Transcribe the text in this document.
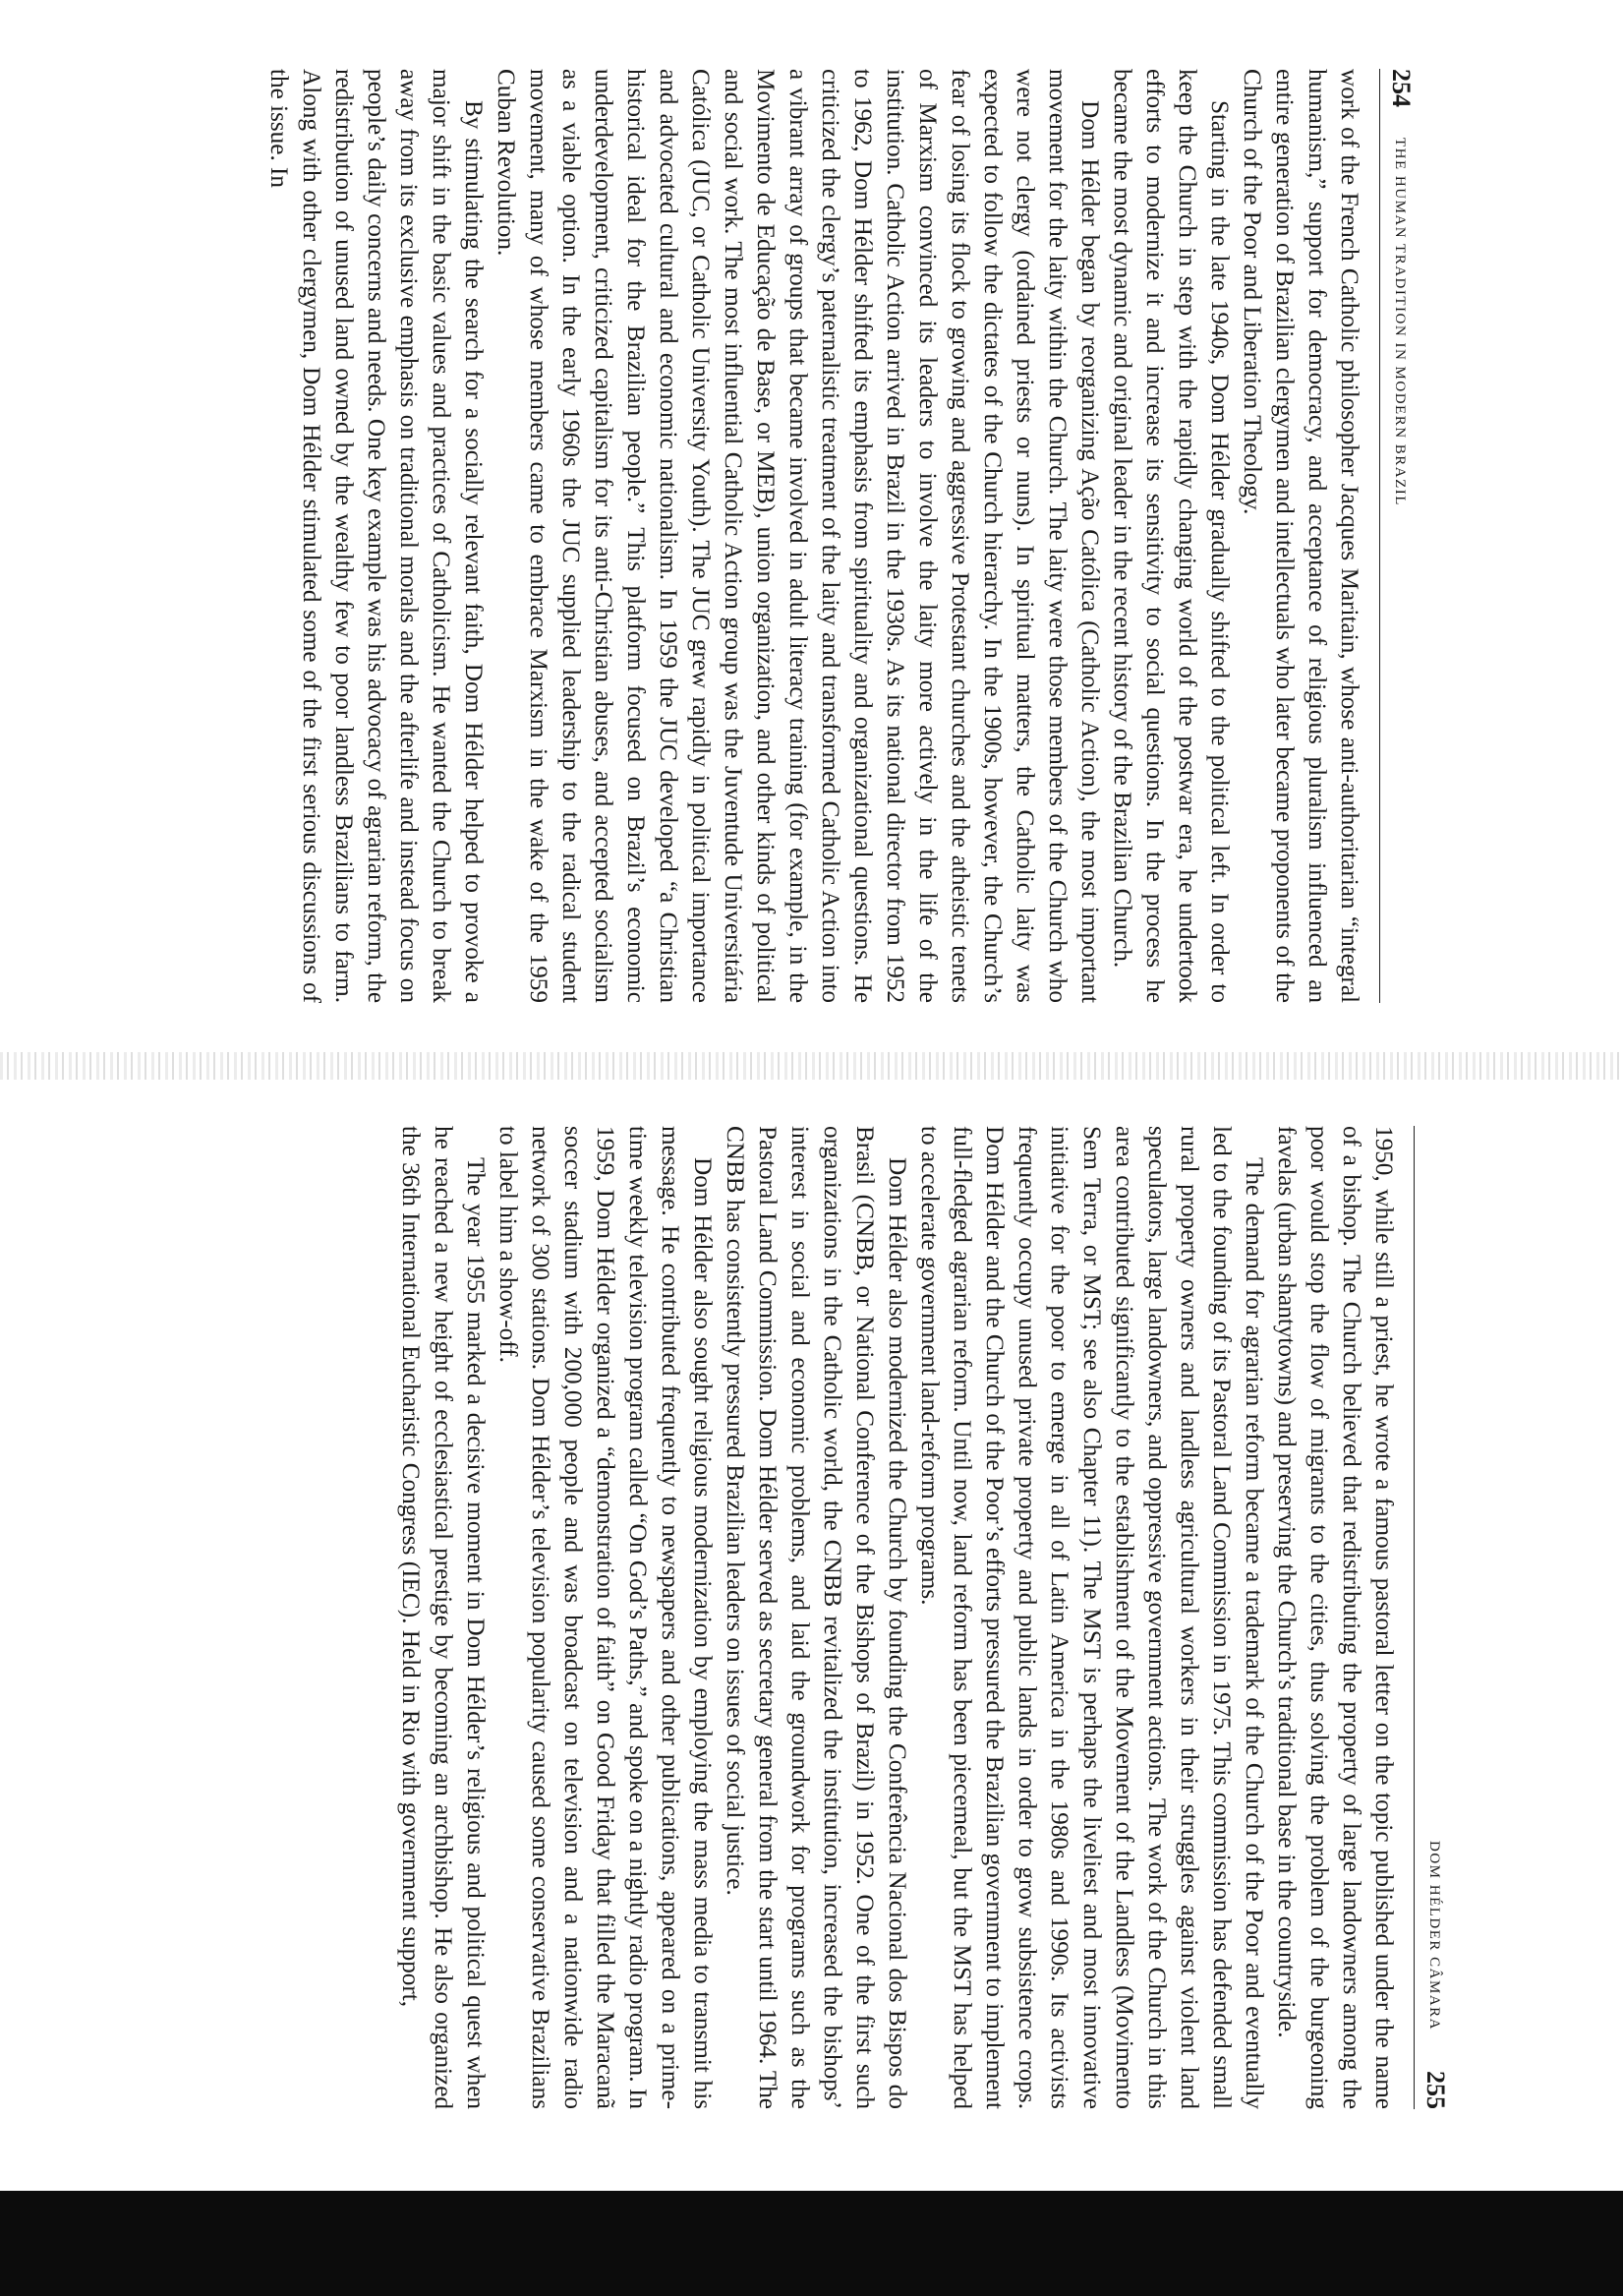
254
THE HUMAN TRADITION IN MODERN BRAZIL

work of the French Catholic philosopher Jacques Maritain, whose anti-authoritarian “integral humanism,” support for democracy, and acceptance of religious pluralism influenced an entire generation of Brazilian clergymen and intellectuals who later became proponents of the Church of the Poor and Liberation Theology.

Starting in the late 1940s, Dom Hélder gradually shifted to the political left. In order to keep the Church in step with the rapidly changing world of the postwar era, he undertook efforts to modernize it and increase its sensitivity to social questions. In the process he became the most dynamic and original leader in the recent history of the Brazilian Church.

Dom Hélder began by reorganizing Ação Católica (Catholic Action), the most important movement for the laity within the Church. The laity were those members of the Church who were not clergy (ordained priests or nuns). In spiritual matters, the Catholic laity was expected to follow the dictates of the Church hierarchy. In the 1900s, however, the Church’s fear of losing its flock to growing and aggressive Protestant churches and the atheistic tenets of Marxism convinced its leaders to involve the laity more actively in the life of the institution. Catholic Action arrived in Brazil in the 1930s. As its national director from 1952 to 1962, Dom Hélder shifted its emphasis from spirituality and organizational questions. He criticized the clergy’s paternalistic treatment of the laity and transformed Catholic Action into a vibrant array of groups that became involved in adult literacy training (for example, in the Movimento de Educação de Base, or MEB), union organization, and other kinds of political and social work. The most influential Catholic Action group was the Juventude Universitária Católica (JUC, or Catholic University Youth). The JUC grew rapidly in political importance and advocated cultural and economic nationalism. In 1959 the JUC developed “a Christian historical ideal for the Brazilian people.” This platform focused on Brazil’s economic underdevelopment, criticized capitalism for its anti-Christian abuses, and accepted socialism as a viable option. In the early 1960s the JUC supplied leadership to the radical student movement, many of whose members came to embrace Marxism in the wake of the 1959 Cuban Revolution.

By stimulating the search for a socially relevant faith, Dom Hélder helped to provoke a major shift in the basic values and practices of Catholicism. He wanted the Church to break away from its exclusive emphasis on traditional morals and the afterlife and instead focus on people’s daily concerns and needs. One key example was his advocacy of agrarian reform, the redistribution of unused land owned by the wealthy few to poor landless Brazilians to farm. Along with other clergymen, Dom Hélder stimulated some of the first serious discussions of the issue. In

DOM HÉLDER CÂMARA
255

1950, while still a priest, he wrote a famous pastoral letter on the topic published under the name of a bishop. The Church believed that redistributing the property of large landowners among the poor would stop the flow of migrants to the cities, thus solving the problem of the burgeoning favelas (urban shantytowns) and preserving the Church’s traditional base in the countryside.

The demand for agrarian reform became a trademark of the Church of the Poor and eventually led to the founding of its Pastoral Land Commission in 1975. This commission has defended small rural property owners and landless agricultural workers in their struggles against violent land speculators, large landowners, and oppressive government actions. The work of the Church in this area contributed significantly to the establishment of the Movement of the Landless (Movimento Sem Terra, or MST; see also Chapter 11). The MST is perhaps the liveliest and most innovative initiative for the poor to emerge in all of Latin America in the 1980s and 1990s. Its activists frequently occupy unused private property and public lands in order to grow subsistence crops. Dom Hélder and the Church of the Poor’s efforts pressured the Brazilian government to implement full-fledged agrarian reform. Until now, land reform has been piecemeal, but the MST has helped to accelerate government land-reform programs.

Dom Hélder also modernized the Church by founding the Conferência Nacional dos Bispos do Brasil (CNBB, or National Conference of the Bishops of Brazil) in 1952. One of the first such organizations in the Catholic world, the CNBB revitalized the institution, increased the bishops’ interest in social and economic problems, and laid the groundwork for programs such as the Pastoral Land Commission. Dom Hélder served as secretary general from the start until 1964. The CNBB has consistently pressured Brazilian leaders on issues of social justice.

Dom Hélder also sought religious modernization by employing the mass media to transmit his message. He contributed frequently to newspapers and other publications, appeared on a prime-time weekly television program called “On God’s Paths,” and spoke on a nightly radio program. In 1959, Dom Hélder organized a “demonstration of faith” on Good Friday that filled the Maracanã soccer stadium with 200,000 people and was broadcast on television and a nationwide radio network of 300 stations. Dom Hélder’s television popularity caused some conservative Brazilians to label him a show-off.

The year 1955 marked a decisive moment in Dom Hélder’s religious and political quest when he reached a new height of ecclesiastical prestige by becoming an archbishop. He also organized the 36th International Eucharistic Congress (IEC). Held in Rio with government support,
